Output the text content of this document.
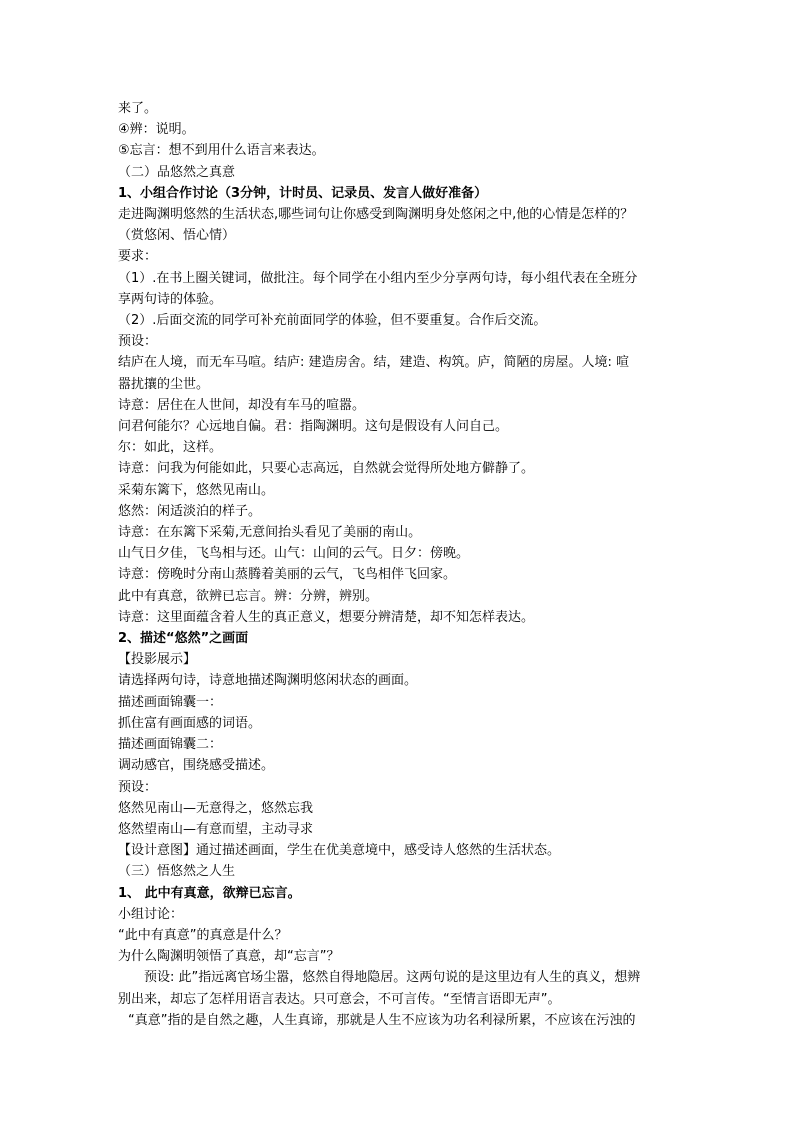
来了。

④辨：说明。

⑤忘言：想不到用什么语言来表达。

（二）品悠然之真意

1、小组合作讨论（3分钟，计时员、记录员、发言人做好准备）

走进陶渊明悠然的生活状态,哪些词句让你感受到陶渊明身处悠闲之中,他的心情是怎样的？

（赏悠闲、悟心情）

要求：

（1）.在书上圈关键词，做批注。每个同学在小组内至少分享两句诗，每小组代表在全班分

享两句诗的体验。

（2）.后面交流的同学可补充前面同学的体验，但不要重复。合作后交流。

预设：

结庐在人境，而无车马喧。结庐: 建造房舍。结，建造、构筑。庐，简陋的房屋。人境: 喧

嚣扰攘的尘世。

诗意：居住在人世间，却没有车马的喧嚣。

问君何能尔？心远地自偏。君：指陶渊明。这句是假设有人问自己。

尔：如此，这样。

诗意：问我为何能如此，只要心志高远，自然就会觉得所处地方僻静了。

采菊东篱下，悠然见南山。

悠然：闲适淡泊的样子。

诗意：在东篱下采菊,无意间抬头看见了美丽的南山。

山气日夕佳，飞鸟相与还。山气：山间的云气。日夕：傍晚。

诗意：傍晚时分南山蒸腾着美丽的云气，飞鸟相伴飞回家。

此中有真意，欲辨已忘言。辨：分辨，辨别。

诗意：这里面蕴含着人生的真正意义，想要分辨清楚，却不知怎样表达。

2、描述“悠然”之画面

【投影展示】

请选择两句诗，诗意地描述陶渊明悠闲状态的画面。

描述画面锦囊一：

抓住富有画面感的词语。

描述画面锦囊二：

调动感官，围绕感受描述。

预设：

悠然见南山—无意得之，悠然忘我

悠然望南山—有意而望，主动寻求

【设计意图】通过描述画面，学生在优美意境中，感受诗人悠然的生活状态。

（三）悟悠然之人生

1、 此中有真意，欲辩已忘言。

小组讨论：

“此中有真意”的真意是什么？

为什么陶渊明领悟了真意，却“忘言”？

预设: 此”指远离官场尘嚣，悠然自得地隐居。这两句说的是这里边有人生的真义，想辨

别出来，却忘了怎样用语言表达。只可意会，不可言传。“至情言语即无声”。

“真意”指的是自然之趣，人生真谛，那就是人生不应该为功名利禄所累，不应该在污浊的
